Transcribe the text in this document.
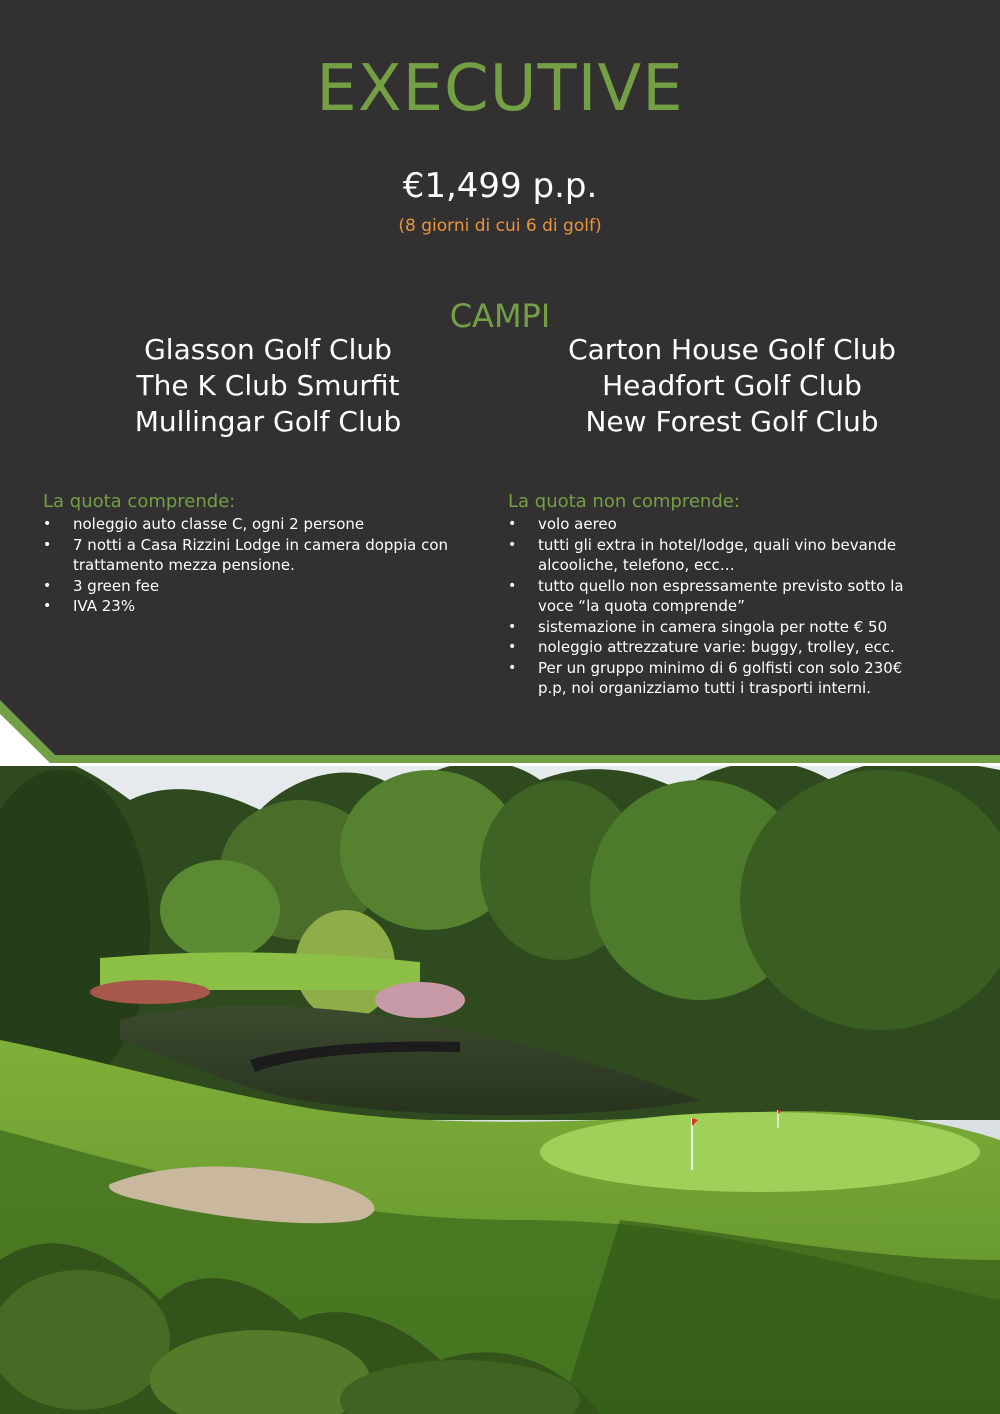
EXECUTIVE
€1,499 p.p.
(8 giorni di cui 6 di golf)
CAMPI
Glasson Golf Club
The K Club Smurfit
Mullingar Golf Club
Carton House Golf Club
Headfort Golf Club
New Forest Golf Club
La quota comprende:
• noleggio auto classe C, ogni 2 persone
• 7 notti a Casa Rizzini Lodge in camera doppia con trattamento mezza pensione.
• 3 green fee
• IVA 23%
La quota non comprende:
• volo aereo
• tutti gli extra in hotel/lodge, quali vino bevande alcooliche, telefono, ecc…
• tutto quello non espressamente previsto sotto la voce “la quota comprende”
• sistemazione in camera singola per notte € 50
• noleggio attrezzature varie: buggy, trolley, ecc.
• Per un gruppo minimo di 6 golfisti con solo 230€ p.p, noi organizziamo tutti i trasporti interni.
